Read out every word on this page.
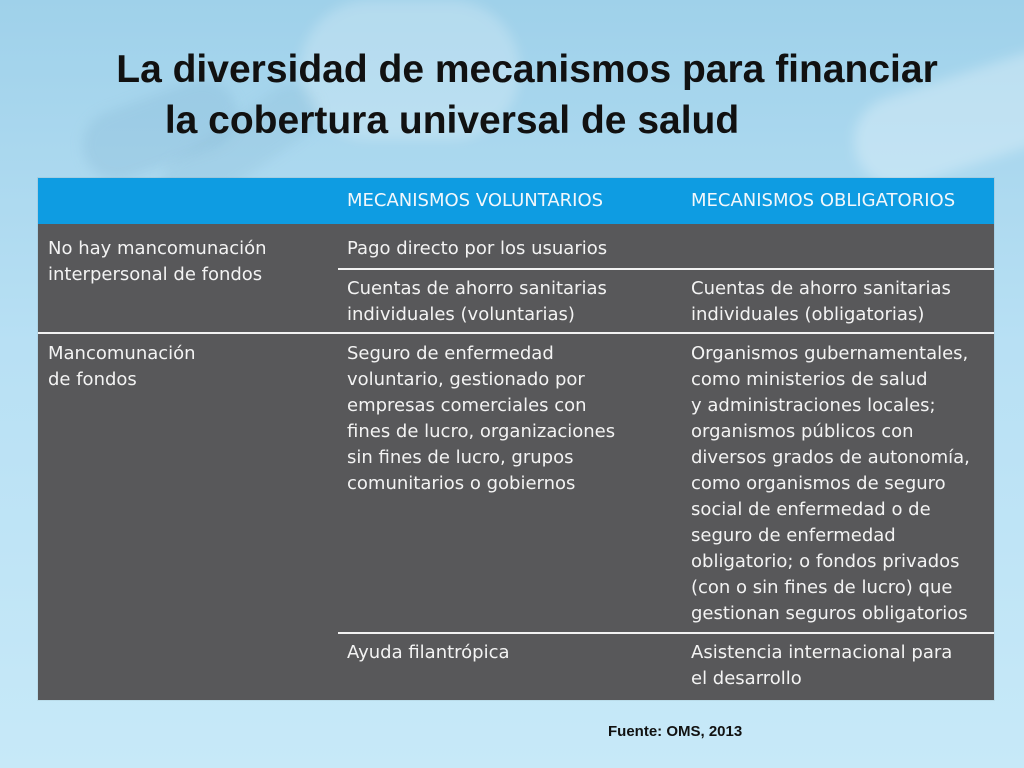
La diversidad de mecanismos para financiar
la cobertura universal de salud
MECANISMOS VOLUNTARIOS	MECANISMOS OBLIGATORIOS
No hay mancomunación
interpersonal de fondos
Pago directo por los usuarios
Cuentas de ahorro sanitarias
individuales (voluntarias)
Cuentas de ahorro sanitarias
individuales (obligatorias)
Mancomunación
de fondos
Seguro de enfermedad
voluntario, gestionado por
empresas comerciales con
fines de lucro, organizaciones
sin fines de lucro, grupos
comunitarios o gobiernos
Organismos gubernamentales,
como ministerios de salud
y administraciones locales;
organismos públicos con
diversos grados de autonomía,
como organismos de seguro
social de enfermedad o de
seguro de enfermedad
obligatorio; o fondos privados
(con o sin fines de lucro) que
gestionan seguros obligatorios
Ayuda filantrópica	Asistencia internacional para
el desarrollo
Fuente: OMS, 2013
